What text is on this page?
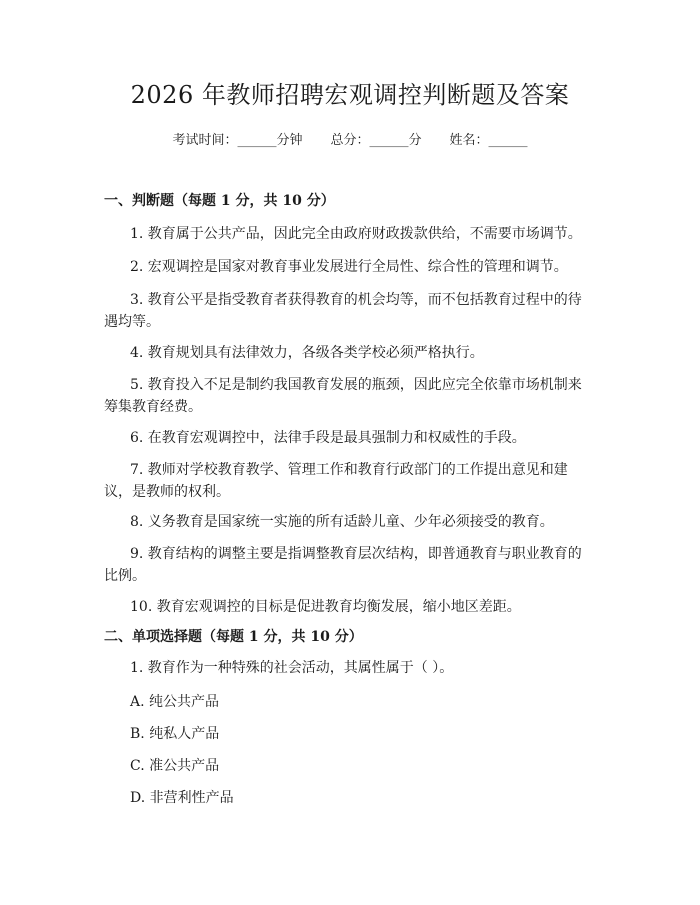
2026 年教师招聘宏观调控判断题及答案
考试时间：______分钟 总分：______分 姓名：______
一、判断题（每题 1 分，共 10 分）
1. 教育属于公共产品，因此完全由政府财政拨款供给，不需要市场调节。
2. 宏观调控是国家对教育事业发展进行全局性、综合性的管理和调节。
3. 教育公平是指受教育者获得教育的机会均等，而不包括教育过程中的待遇均等。
4. 教育规划具有法律效力，各级各类学校必须严格执行。
5. 教育投入不足是制约我国教育发展的瓶颈，因此应完全依靠市场机制来筹集教育经费。
6. 在教育宏观调控中，法律手段是最具强制力和权威性的手段。
7. 教师对学校教育教学、管理工作和教育行政部门的工作提出意见和建议，是教师的权利。
8. 义务教育是国家统一实施的所有适龄儿童、少年必须接受的教育。
9. 教育结构的调整主要是指调整教育层次结构，即普通教育与职业教育的比例。
10. 教育宏观调控的目标是促进教育均衡发展，缩小地区差距。
二、单项选择题（每题 1 分，共 10 分）
1. 教育作为一种特殊的社会活动，其属性属于（ ）。
A. 纯公共产品
B. 纯私人产品
C. 准公共产品
D. 非营利性产品
